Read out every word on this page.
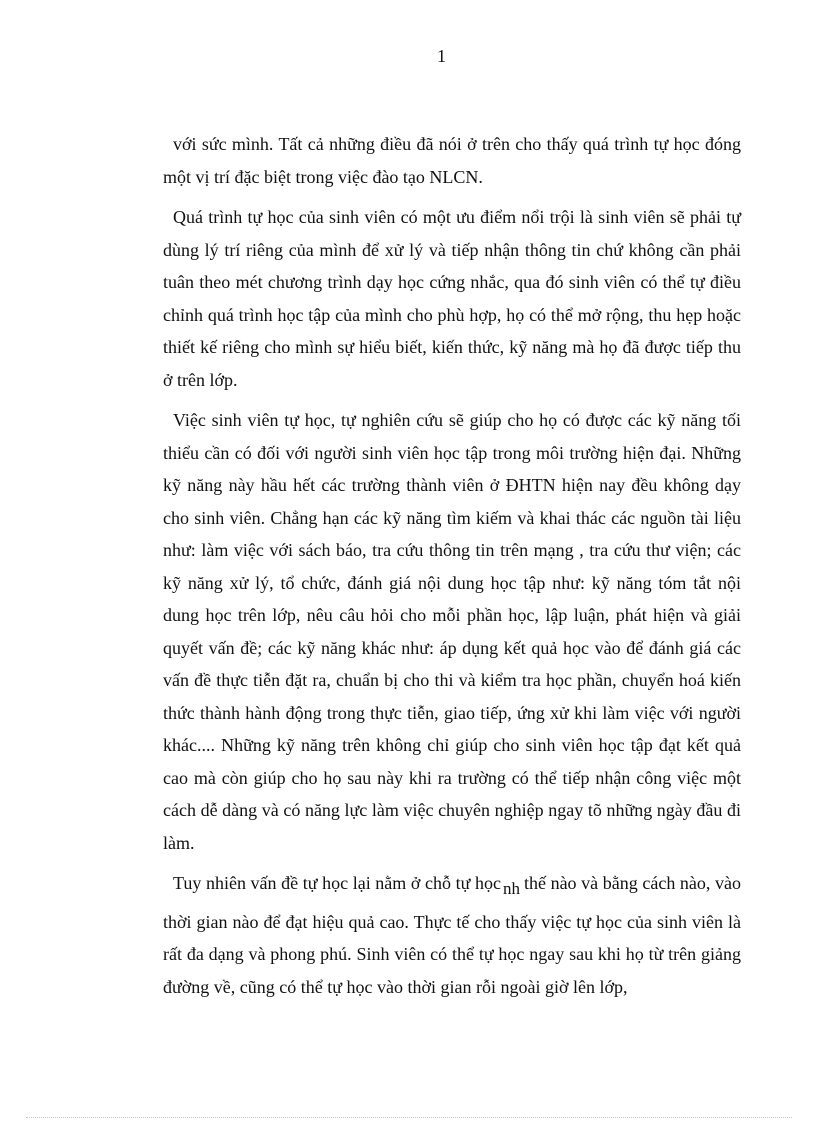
1

với sức mình. Tất cả những điều đã nói ở trên cho thấy quá trình tự học đóng một vị trí đặc biệt trong việc đào tạo NLCN.

Quá trình tự học của sinh viên có một ưu điểm nổi trội là sinh viên sẽ phải tự dùng lý trí riêng của mình để xử lý và tiếp nhận thông tin chứ không cần phải tuân theo mét chương trình dạy học cứng nhắc, qua đó sinh viên có thể tự điều chỉnh quá trình học tập của mình cho phù hợp, họ có thể mở rộng, thu hẹp hoặc thiết kế riêng cho mình sự hiểu biết, kiến thức, kỹ năng mà họ đã được tiếp thu ở trên lớp.

Việc sinh viên tự học, tự nghiên cứu sẽ giúp cho họ có được các kỹ năng tối thiểu cần có đối với người sinh viên học tập trong môi trường hiện đại. Những kỹ năng này hầu hết các trường thành viên ở ĐHTN hiện nay đều không dạy cho sinh viên. Chẳng hạn các kỹ năng tìm kiếm và khai thác các nguồn tài liệu như: làm việc với sách báo, tra cứu thông tin trên mạng , tra cứu thư viện; các kỹ năng xử lý, tổ chức, đánh giá nội dung học tập như: kỹ năng tóm tắt nội dung học trên lớp, nêu câu hỏi cho mỗi phần học, lập luận, phát hiện và giải quyết vấn đề; các kỹ năng khác như: áp dụng kết quả học vào để đánh giá các vấn đề thực tiễn đặt ra, chuẩn bị cho thi và kiểm tra học phần, chuyển hoá kiến thức thành hành động trong thực tiễn, giao tiếp, ứng xử khi làm việc với người khác.... Những kỹ năng trên không chỉ giúp cho sinh viên học tập đạt kết quả cao mà còn giúp cho họ sau này khi ra trường có thể tiếp nhận công việc một cách dễ dàng và có năng lực làm việc chuyên nghiệp ngay tõ những ngày đầu đi làm.

Tuy nhiên vấn đề tự học lại nằm ở chỗ tự học nh thế nào và bằng cách nào, vào thời gian nào để đạt hiệu quả cao. Thực tế cho thấy việc tự học của sinh viên là rất đa dạng và phong phú. Sinh viên có thể tự học ngay sau khi họ từ trên giảng đường về, cũng có thể tự học vào thời gian rỗi ngoài giờ lên lớp,
